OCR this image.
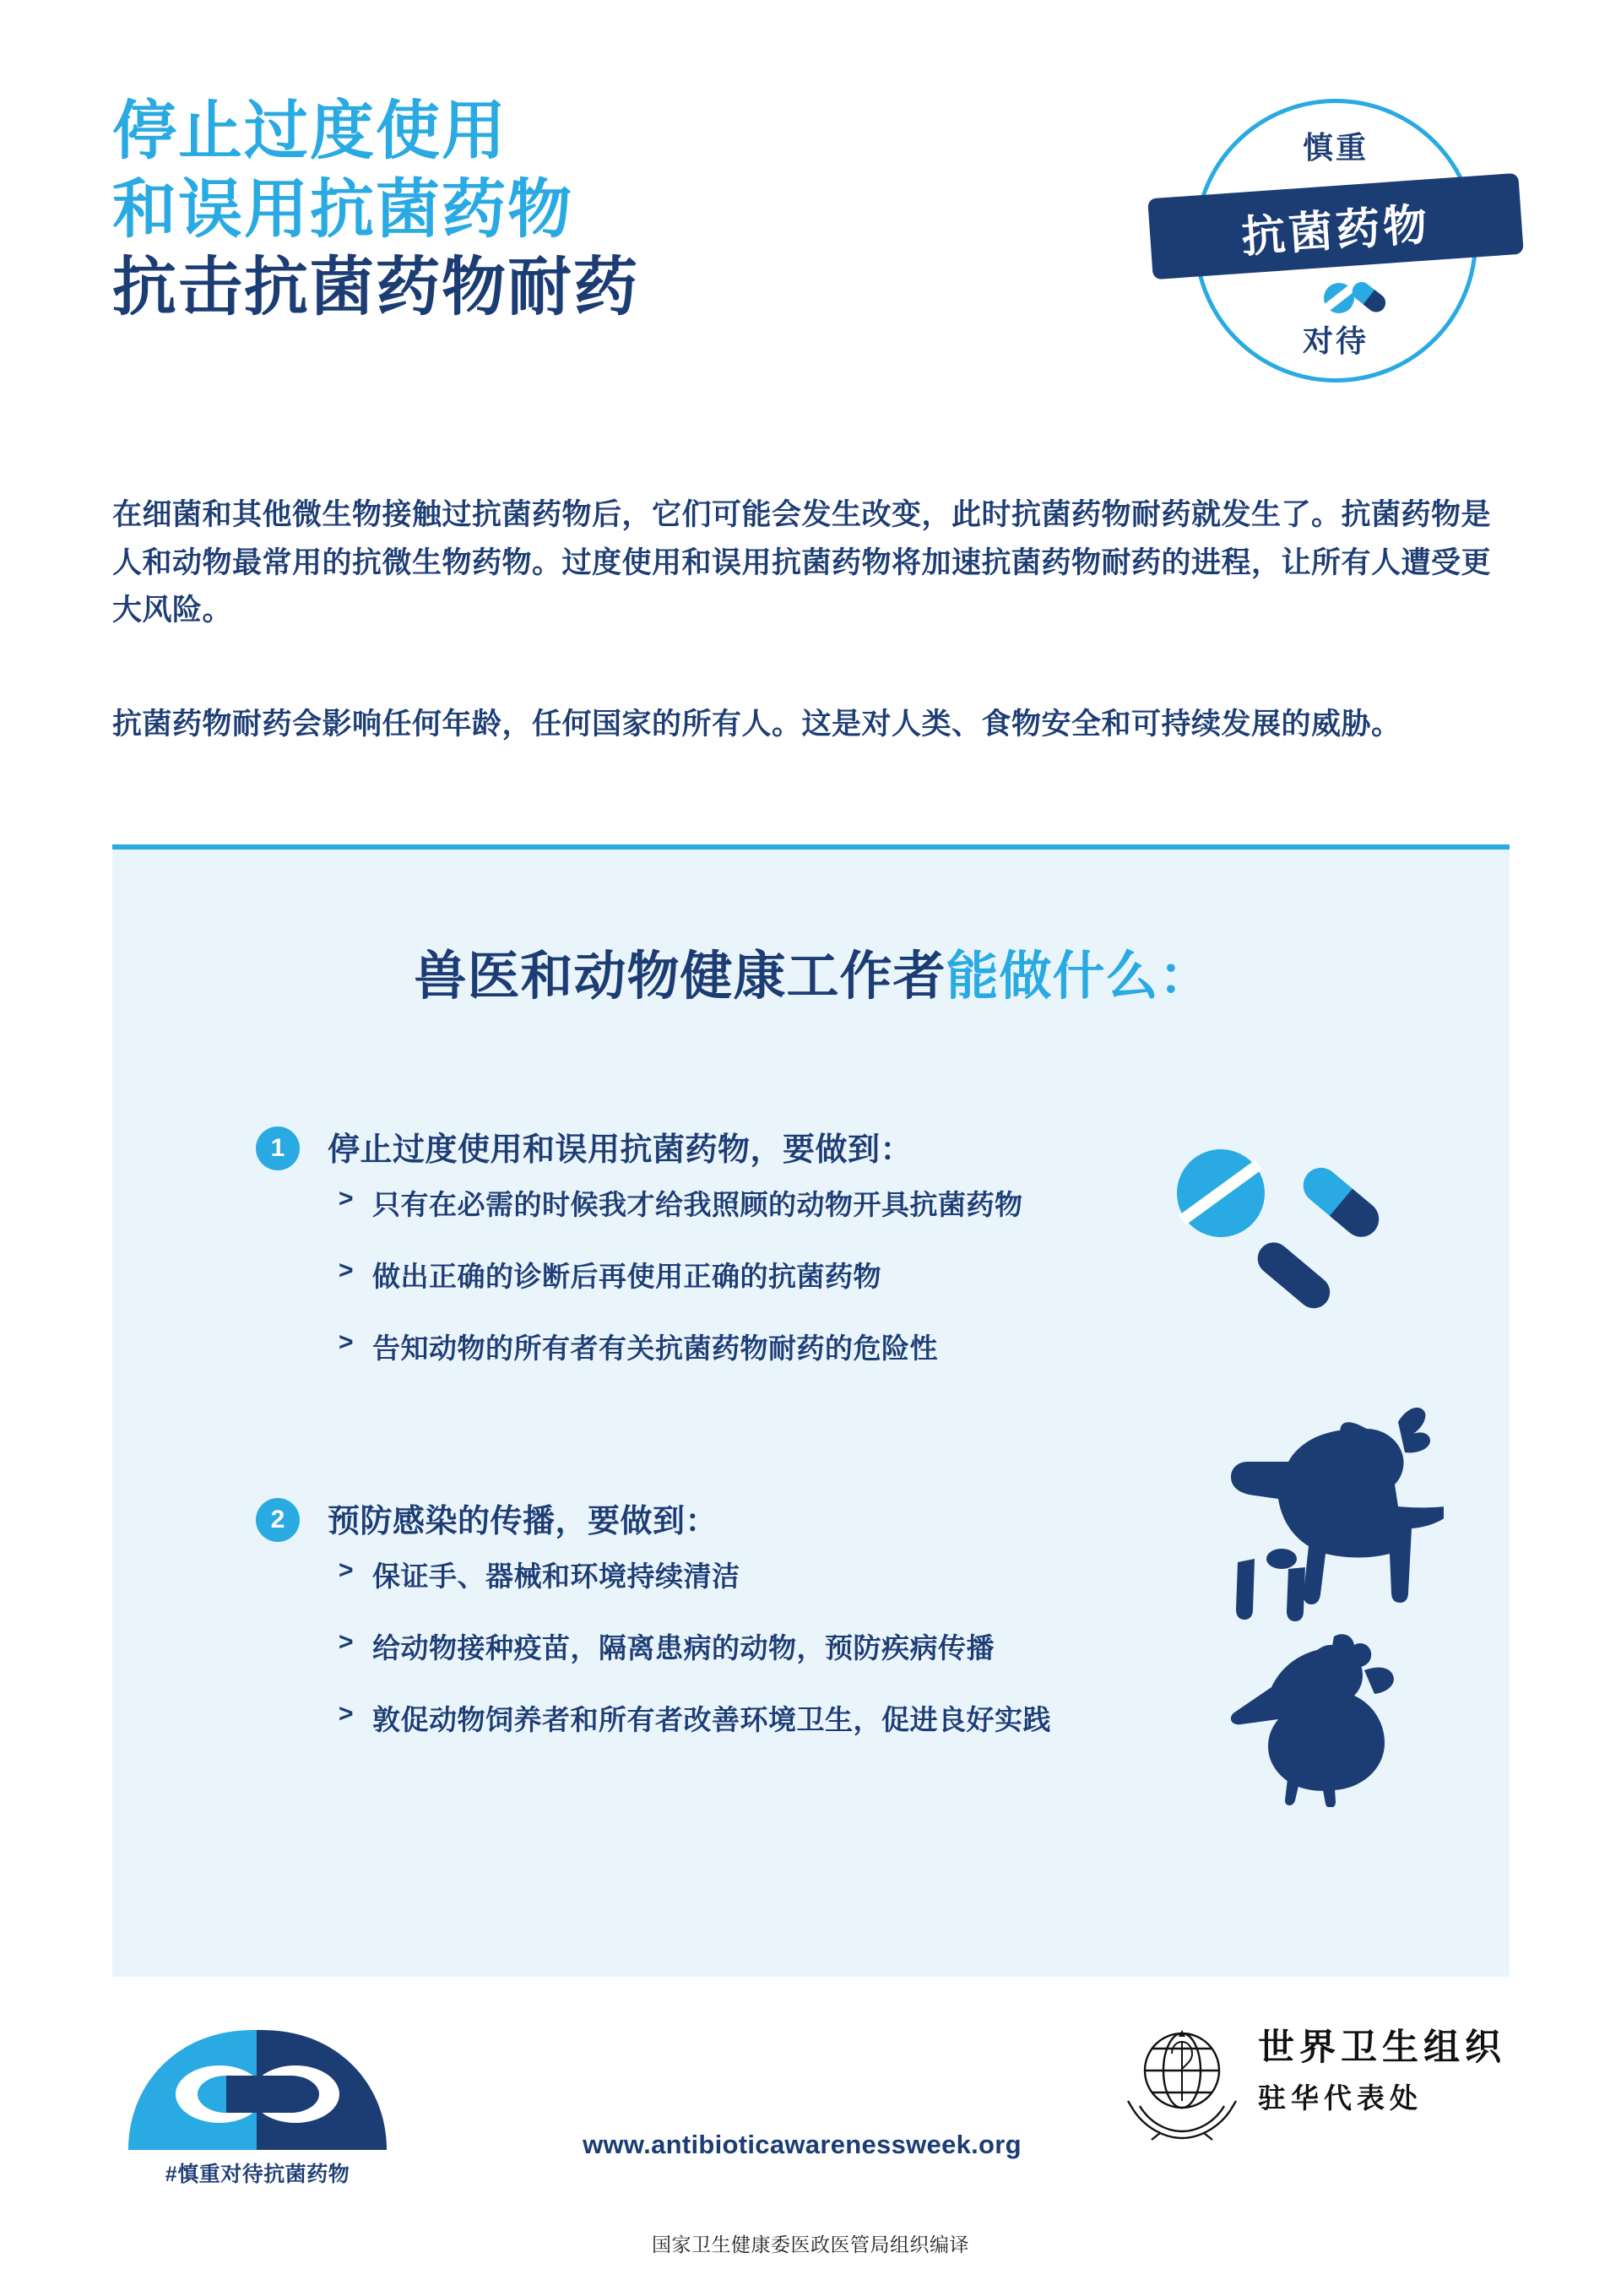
停止过度使用
和误用抗菌药物
抗击抗菌药物耐药
慎重
对待
抗菌药物
在细菌和其他微生物接触过抗菌药物后，它们可能会发生改变，此时抗菌药物耐药就发生了。抗菌药物是人和动物最常用的抗微生物药物。过度使用和误用抗菌药物将加速抗菌药物耐药的进程，让所有人遭受更大风险。
抗菌药物耐药会影响任何年龄，任何国家的所有人。这是对人类、食物安全和可持续发展的威胁。
兽医和动物健康工作者能做什么：
1	停止过度使用和误用抗菌药物，要做到：
> 只有在必需的时候我才给我照顾的动物开具抗菌药物
> 做出正确的诊断后再使用正确的抗菌药物
> 告知动物的所有者有关抗菌药物耐药的危险性
2	预防感染的传播，要做到：
> 保证手、器械和环境持续清洁
> 给动物接种疫苗，隔离患病的动物，预防疾病传播
> 敦促动物饲养者和所有者改善环境卫生，促进良好实践
#慎重对待抗菌药物
www.antibioticawarenessweek.org
世界卫生组织
驻华代表处
国家卫生健康委医政医管局组织编译
